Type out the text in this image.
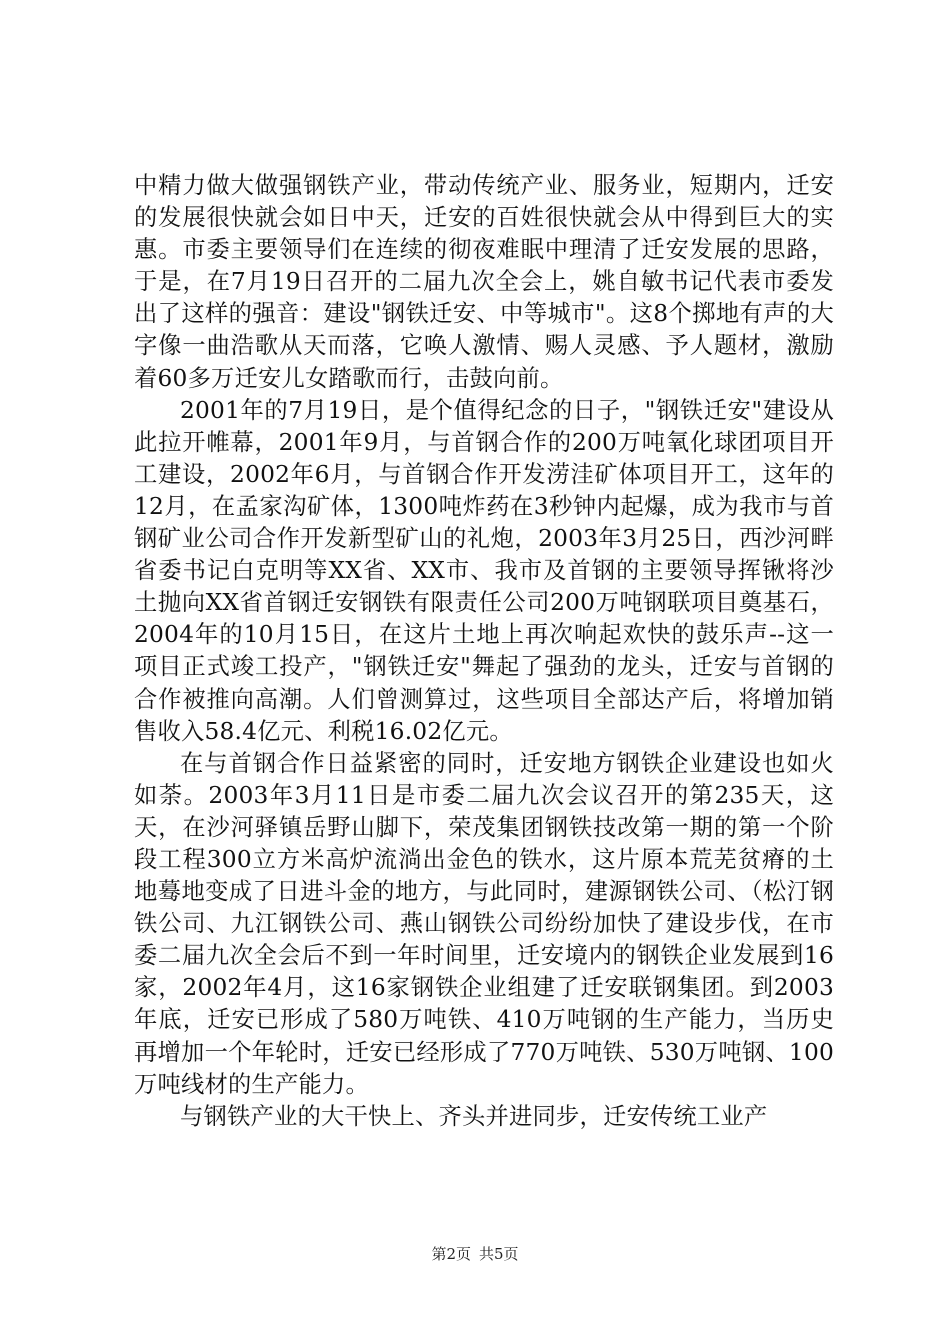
中精力做大做强钢铁产业，带动传统产业、服务业，短期内，迁安的发展很快就会如日中天，迁安的百姓很快就会从中得到巨大的实惠。市委主要领导们在连续的彻夜难眠中理清了迁安发展的思路，于是，在7月19日召开的二届九次全会上，姚自敏书记代表市委发出了这样的强音：建设"钢铁迁安、中等城市"。这8个掷地有声的大字像一曲浩歌从天而落，它唤人激情、赐人灵感、予人题材，激励着60多万迁安儿女踏歌而行，击鼓向前。

2001年的7月19日，是个值得纪念的日子，"钢铁迁安"建设从此拉开帷幕，2001年9月，与首钢合作的200万吨氧化球团项目开工建设，2002年6月，与首钢合作开发涝洼矿体项目开工，这年的12月，在孟家沟矿体，1300吨炸药在3秒钟内起爆，成为我市与首钢矿业公司合作开发新型矿山的礼炮，2003年3月25日，西沙河畔省委书记白克明等XX省、XX市、我市及首钢的主要领导挥锹将沙土抛向XX省首钢迁安钢铁有限责任公司200万吨钢联项目奠基石，2004年的10月15日，在这片土地上再次响起欢快的鼓乐声--这一项目正式竣工投产，"钢铁迁安"舞起了强劲的龙头，迁安与首钢的合作被推向高潮。人们曾测算过，这些项目全部达产后，将增加销售收入58.4亿元、利税16.02亿元。

在与首钢合作日益紧密的同时，迁安地方钢铁企业建设也如火如荼。2003年3月11日是市委二届九次会议召开的第235天，这天，在沙河驿镇岳野山脚下，荣茂集团钢铁技改第一期的第一个阶段工程300立方米高炉流淌出金色的铁水，这片原本荒芜贫瘠的土地蓦地变成了日进斗金的地方，与此同时，建源钢铁公司、（松汀钢铁公司、九江钢铁公司、燕山钢铁公司纷纷加快了建设步伐，在市委二届九次全会后不到一年时间里，迁安境内的钢铁企业发展到16家，2002年4月，这16家钢铁企业组建了迁安联钢集团。到2003年底，迁安已形成了580万吨铁、410万吨钢的生产能力，当历史再增加一个年轮时，迁安已经形成了770万吨铁、530万吨钢、100万吨线材的生产能力。

与钢铁产业的大干快上、齐头并进同步，迁安传统工业产

第2页 共5页
